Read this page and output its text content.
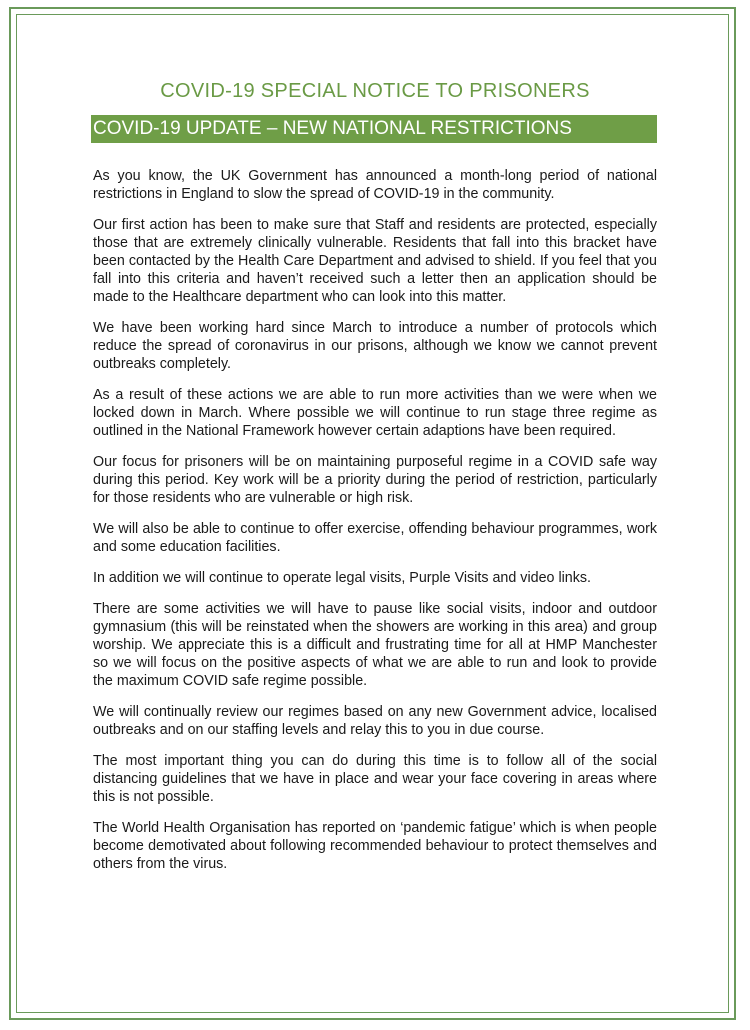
COVID-19 SPECIAL NOTICE TO PRISONERS
COVID-19 UPDATE – NEW NATIONAL RESTRICTIONS

As you know, the UK Government has announced a month-long period of national restrictions in England to slow the spread of COVID-19 in the community.

Our first action has been to make sure that Staff and residents are protected, especially those that are extremely clinically vulnerable. Residents that fall into this bracket have been contacted by the Health Care Department and advised to shield. If you feel that you fall into this criteria and haven’t received such a letter then an application should be made to the Healthcare department who can look into this matter.

We have been working hard since March to introduce a number of protocols which reduce the spread of coronavirus in our prisons, although we know we cannot prevent outbreaks completely.

As a result of these actions we are able to run more activities than we were when we locked down in March. Where possible we will continue to run stage three regime as outlined in the National Framework however certain adaptions have been required.

Our focus for prisoners will be on maintaining purposeful regime in a COVID safe way during this period. Key work will be a priority during the period of restriction, particularly for those residents who are vulnerable or high risk.

We will also be able to continue to offer exercise, offending behaviour programmes, work and some education facilities.

In addition we will continue to operate legal visits, Purple Visits and video links.

There are some activities we will have to pause like social visits, indoor and outdoor gymnasium (this will be reinstated when the showers are working in this area) and group worship. We appreciate this is a difficult and frustrating time for all at HMP Manchester so we will focus on the positive aspects of what we are able to run and look to provide the maximum COVID safe regime possible.

We will continually review our regimes based on any new Government advice, localised outbreaks and on our staffing levels and relay this to you in due course.

The most important thing you can do during this time is to follow all of the social distancing guidelines that we have in place and wear your face covering in areas where this is not possible.

The World Health Organisation has reported on ‘pandemic fatigue’ which is when people become demotivated about following recommended behaviour to protect themselves and others from the virus.
